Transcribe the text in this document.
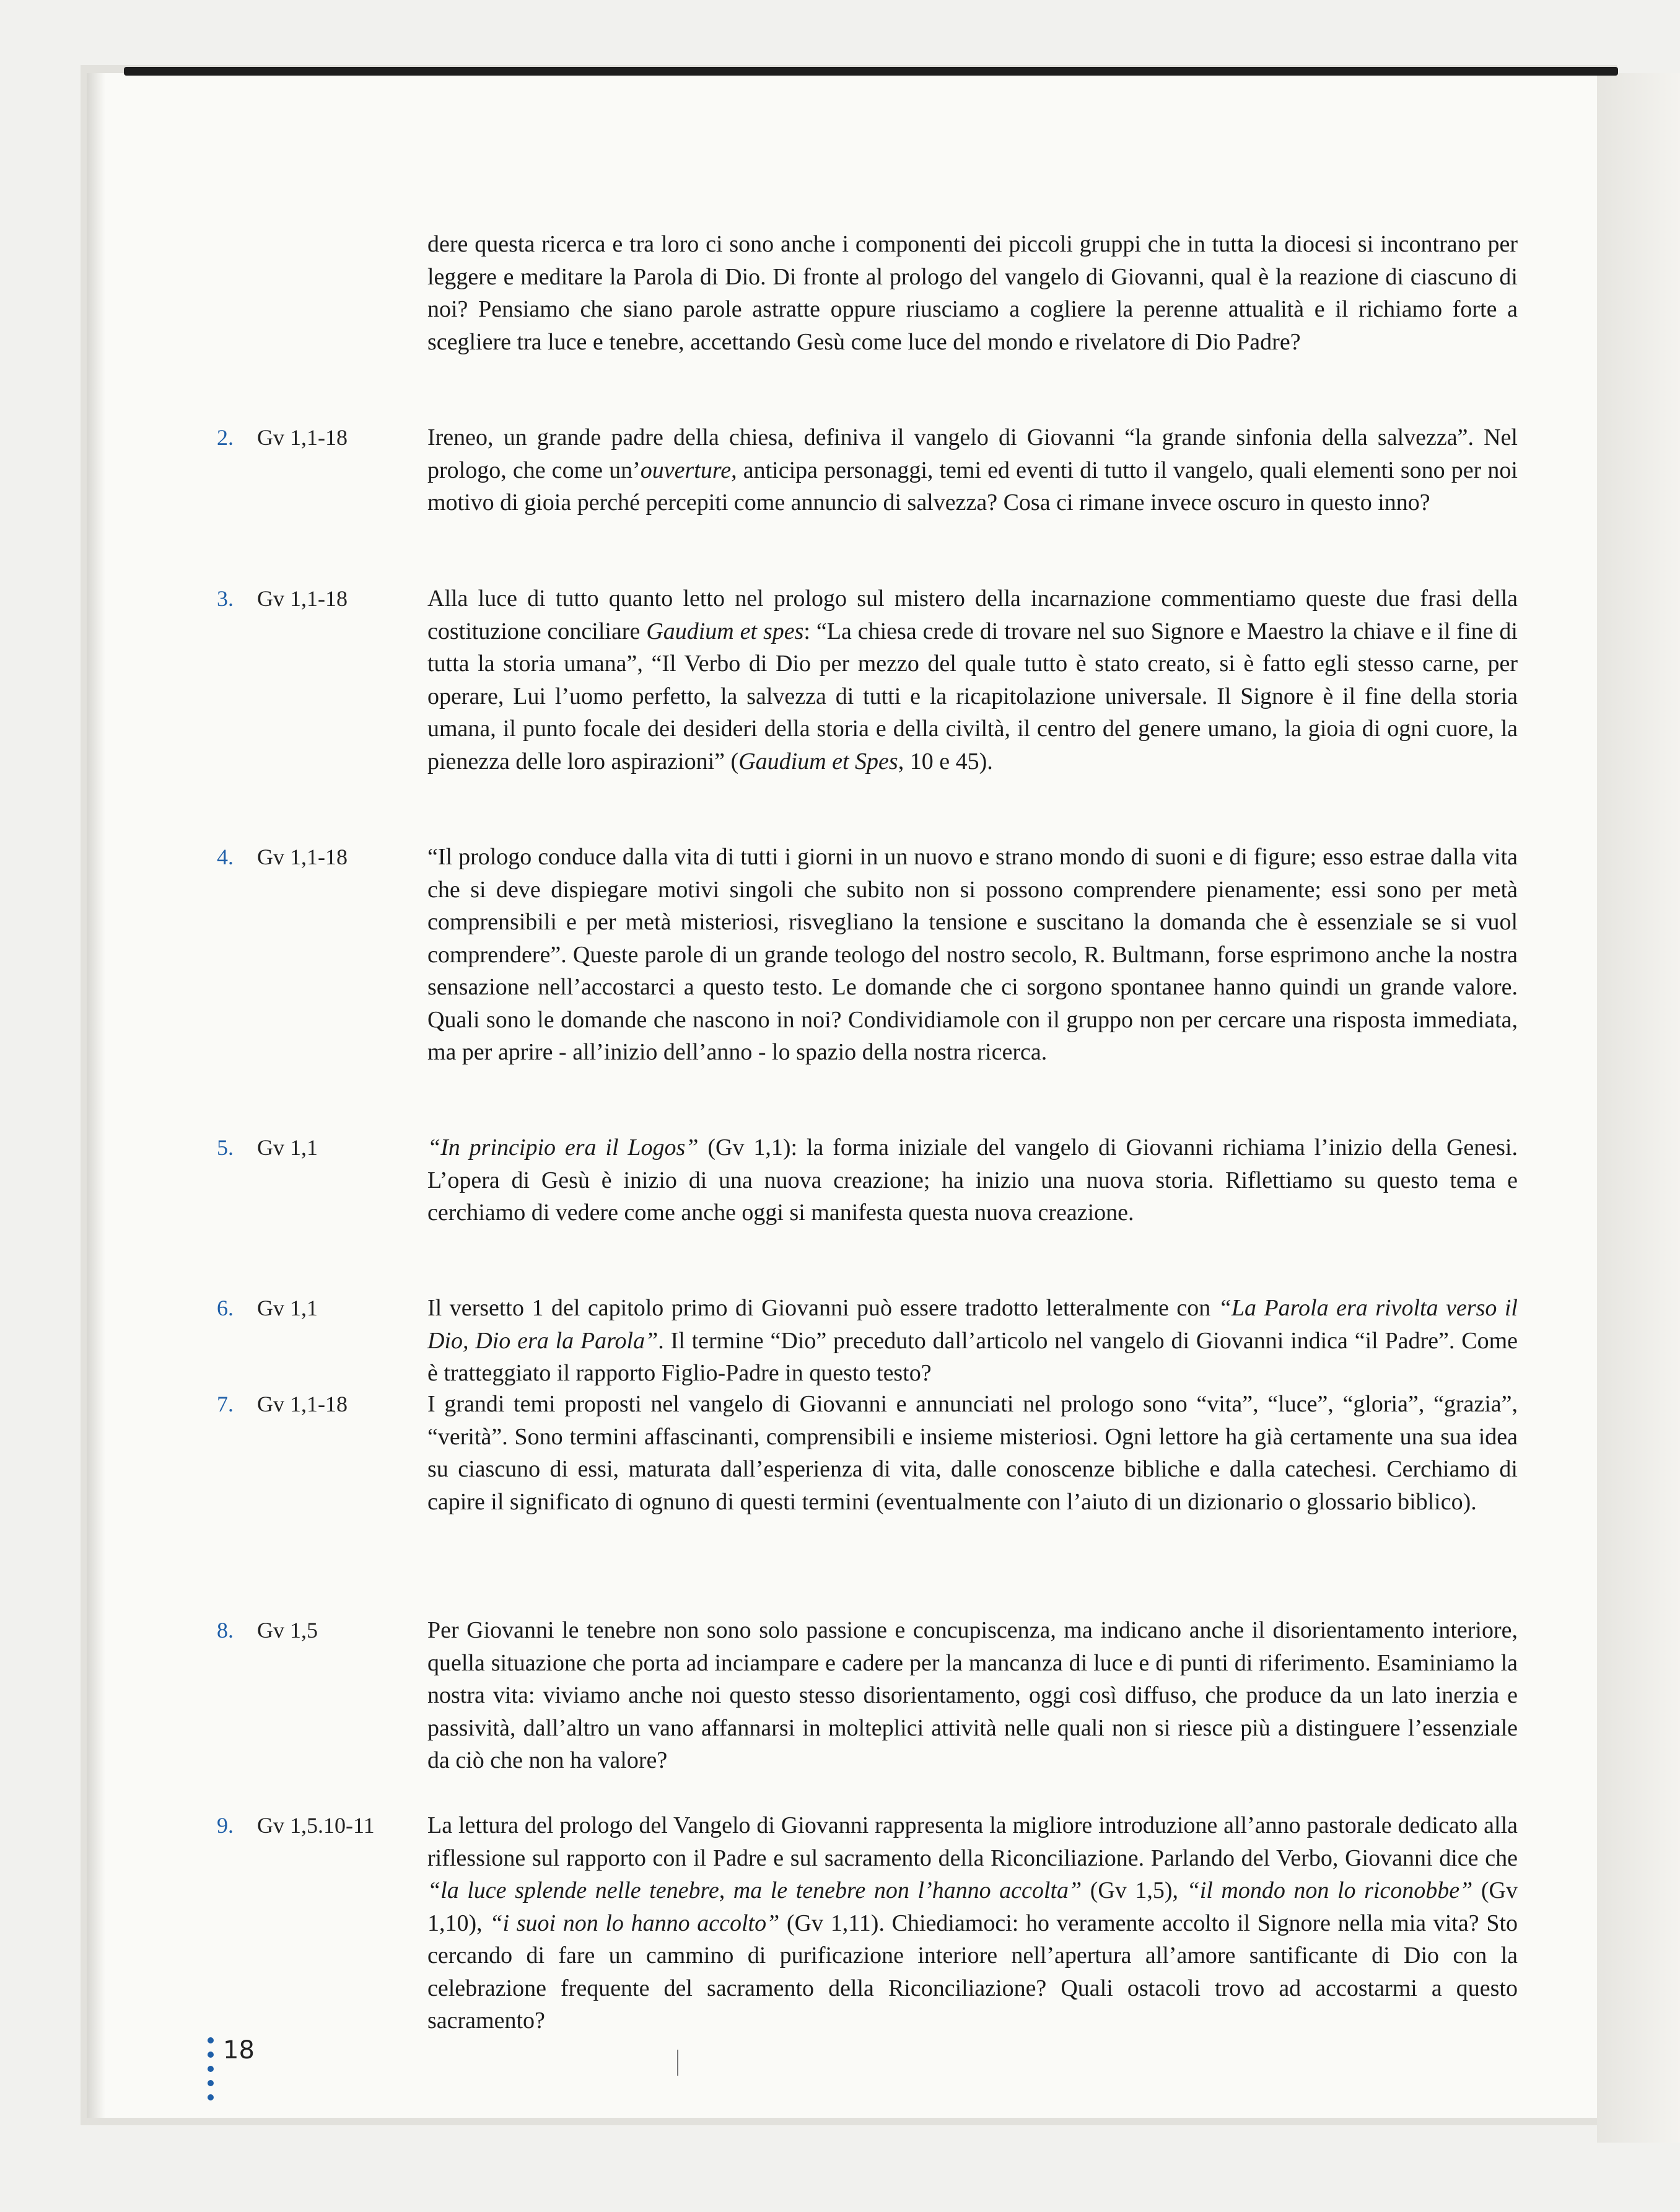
dere questa ricerca e tra loro ci sono anche i componenti dei piccoli gruppi che in tutta la diocesi si incontrano per leggere e meditare la Parola di Dio. Di fronte al prologo del vangelo di Giovanni, qual è la reazione di ciascuno di noi? Pensiamo che siano parole astratte oppure riusciamo a cogliere la perenne attualità e il richiamo forte a scegliere tra luce e tenebre, accettando Gesù come luce del mondo e rivelatore di Dio Padre?
2. Gv 1,1-18	Ireneo, un grande padre della chiesa, definiva il vangelo di Giovanni “la grande sinfonia della salvezza”. Nel prologo, che come un’ouverture, anticipa personaggi, temi ed eventi di tutto il vangelo, quali elementi sono per noi motivo di gioia perché percepiti come annuncio di salvezza? Cosa ci rimane invece oscuro in questo inno?
3. Gv 1,1-18	Alla luce di tutto quanto letto nel prologo sul mistero della incarnazione commentiamo queste due frasi della costituzione conciliare Gaudium et spes: “La chiesa crede di trovare nel suo Signore e Maestro la chiave e il fine di tutta la storia umana”, “Il Verbo di Dio per mezzo del quale tutto è stato creato, si è fatto egli stesso carne, per operare, Lui l’uomo perfetto, la salvezza di tutti e la ricapitolazione universale. Il Signore è il fine della storia umana, il punto focale dei desideri della storia e della civiltà, il centro del genere umano, la gioia di ogni cuore, la pienezza delle loro aspirazioni” (Gaudium et Spes, 10 e 45).
4. Gv 1,1-18	“Il prologo conduce dalla vita di tutti i giorni in un nuovo e strano mondo di suoni e di figure; esso estrae dalla vita che si deve dispiegare motivi singoli che subito non si possono comprendere pienamente; essi sono per metà comprensibili e per metà misteriosi, risvegliano la tensione e suscitano la domanda che è essenziale se si vuol comprendere”. Queste parole di un grande teologo del nostro secolo, R. Bultmann, forse esprimono anche la nostra sensazione nell’accostarci a questo testo. Le domande che ci sorgono spontanee hanno quindi un grande valore. Quali sono le domande che nascono in noi? Condividiamole con il gruppo non per cercare una risposta immediata, ma per aprire - all’inizio dell’anno - lo spazio della nostra ricerca.
5. Gv 1,1	“In principio era il Logos” (Gv 1,1): la forma iniziale del vangelo di Giovanni richiama l’inizio della Genesi. L’opera di Gesù è inizio di una nuova creazione; ha inizio una nuova storia. Riflettiamo su questo tema e cerchiamo di vedere come anche oggi si manifesta questa nuova creazione.
6. Gv 1,1	Il versetto 1 del capitolo primo di Giovanni può essere tradotto letteralmente con “La Parola era rivolta verso il Dio, Dio era la Parola”. Il termine “Dio” preceduto dall’articolo nel vangelo di Giovanni indica “il Padre”. Come è tratteggiato il rapporto Figlio-Padre in questo testo?
7. Gv 1,1-18	I grandi temi proposti nel vangelo di Giovanni e annunciati nel prologo sono “vita”, “luce”, “gloria”, “grazia”, “verità”. Sono termini affascinanti, comprensibili e insieme misteriosi. Ogni lettore ha già certamente una sua idea su ciascuno di essi, maturata dall’esperienza di vita, dalle conoscenze bibliche e dalla catechesi. Cerchiamo di capire il significato di ognuno di questi termini (eventualmente con l’aiuto di un dizionario o glossario biblico).
8. Gv 1,5	Per Giovanni le tenebre non sono solo passione e concupiscenza, ma indicano anche il disorientamento interiore, quella situazione che porta ad inciampare e cadere per la mancanza di luce e di punti di riferimento. Esaminiamo la nostra vita: viviamo anche noi questo stesso disorientamento, oggi così diffuso, che produce da un lato inerzia e passività, dall’altro un vano affannarsi in molteplici attività nelle quali non si riesce più a distinguere l’essenziale da ciò che non ha valore?
9. Gv 1,5.10-11	La lettura del prologo del Vangelo di Giovanni rappresenta la migliore introduzione all’anno pastorale dedicato alla riflessione sul rapporto con il Padre e sul sacramento della Riconciliazione. Parlando del Verbo, Giovanni dice che “la luce splende nelle tenebre, ma le tenebre non l’hanno accolta” (Gv 1,5), “il mondo non lo riconobbe” (Gv 1,10), “i suoi non lo hanno accolto” (Gv 1,11). Chiediamoci: ho veramente accolto il Signore nella mia vita? Sto cercando di fare un cammino di purificazione interiore nell’apertura all’amore santificante di Dio con la celebrazione frequente del sacramento della Riconciliazione? Quali ostacoli trovo ad accostarmi a questo sacramento?
18
